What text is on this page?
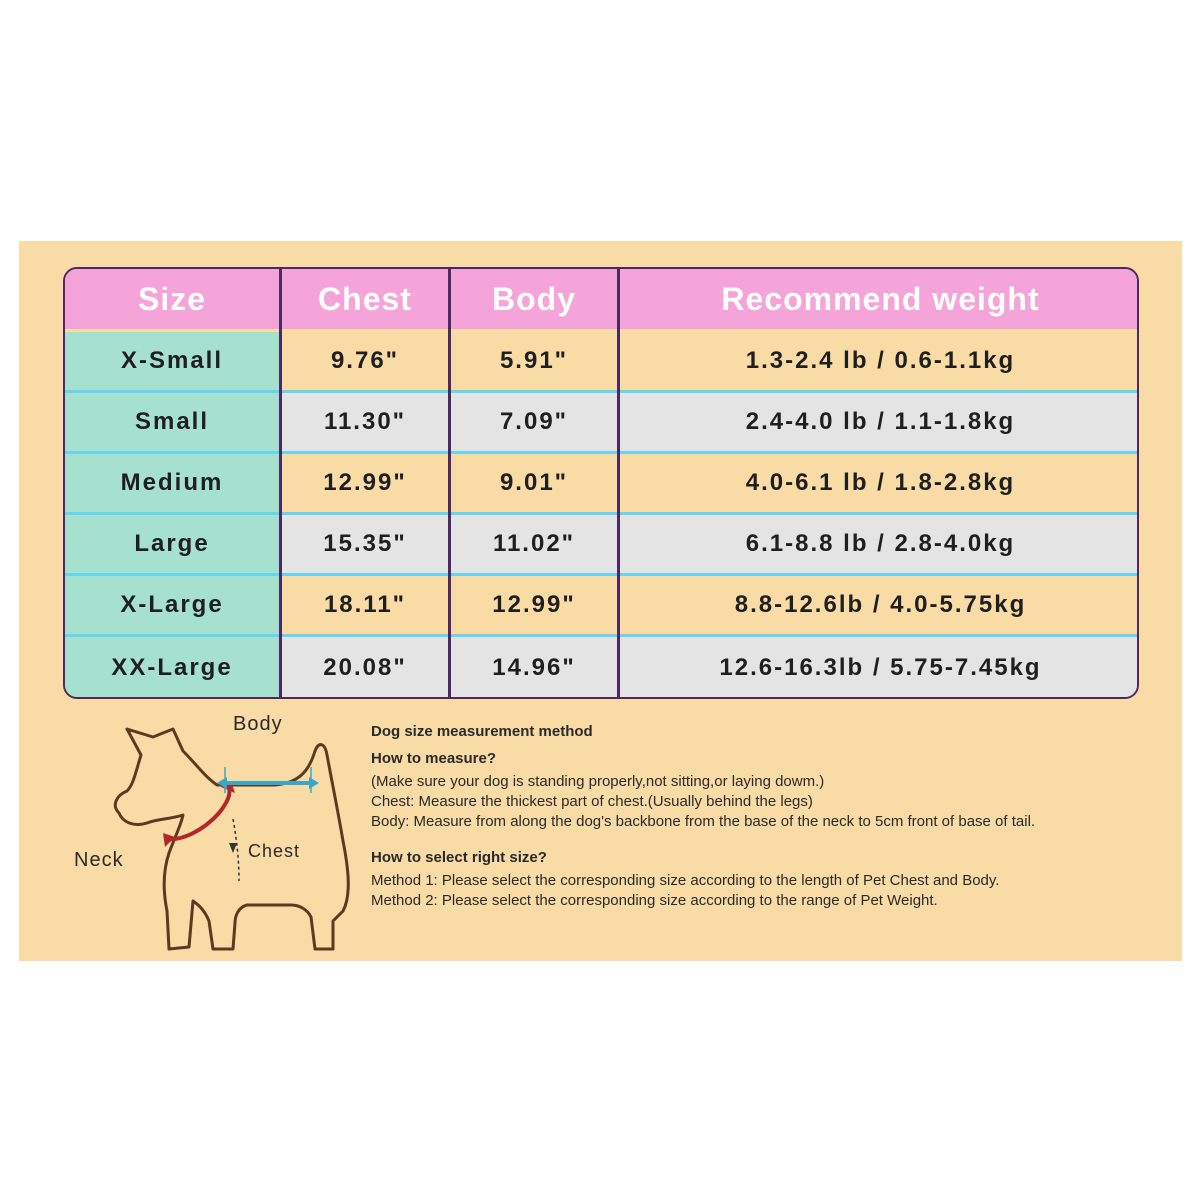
Size	Chest	Body	Recommend weight
X-Small	9.76"	5.91"	1.3-2.4 lb / 0.6-1.1kg
Small	11.30"	7.09"	2.4-4.0 lb / 1.1-1.8kg
Medium	12.99"	9.01"	4.0-6.1 lb / 1.8-2.8kg
Large	15.35"	11.02"	6.1-8.8 lb / 2.8-4.0kg
X-Large	18.11"	12.99"	8.8-12.6lb / 4.0-5.75kg
XX-Large	20.08"	14.96"	12.6-16.3lb / 5.75-7.45kg
Body
Neck	Chest
Dog size measurement method
How to measure?
(Make sure your dog is standing properly,not sitting,or laying dowm.)
Chest: Measure the thickest part of chest.(Usually behind the legs)
Body: Measure from along the dog's backbone from the base of the neck to 5cm front of base of tail.
How to select right size?
Method 1: Please select the corresponding size according to the length of Pet Chest and Body.
Method 2: Please select the corresponding size according to the range of Pet Weight.
